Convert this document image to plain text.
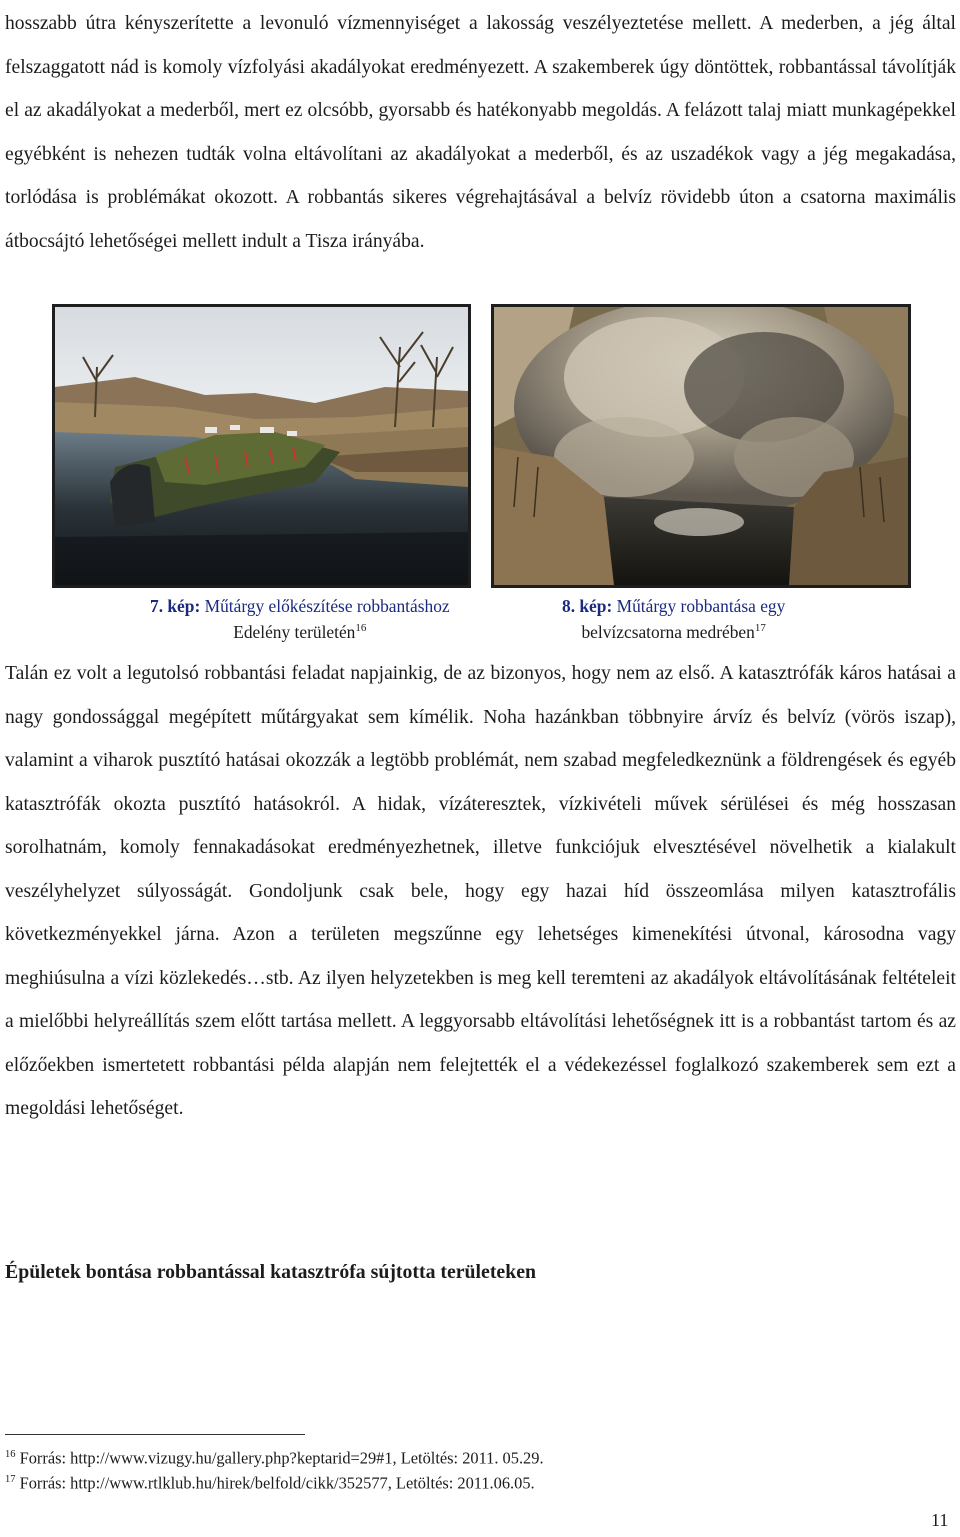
hosszabb útra kényszerítette a levonuló vízmennyiséget a lakosság veszélyeztetése mellett. A mederben, a jég által felszaggatott nád is komoly vízfolyási akadályokat eredményezett. A szakemberek úgy döntöttek, robbantással távolítják el az akadályokat a mederből, mert ez olcsóbb, gyorsabb és hatékonyabb megoldás. A felázott talaj miatt munkagépekkel egyébként is nehezen tudták volna eltávolítani az akadályokat a mederből, és az uszadékok vagy a jég megakadása, torlódása is problémákat okozott. A robbantás sikeres végrehajtásával a belvíz rövidebb úton a csatorna maximális átbocsájtó lehetőségei mellett indult a Tisza irányába.

7. kép: Műtárgy előkészítése robbantáshoz
Edelény területén$^{16}$
8. kép: Műtárgy robbantása egy
belvízcsatorna medrében$^{17}$

Talán ez volt a legutolsó robbantási feladat napjainkig, de az bizonyos, hogy nem az első. A katasztrófák káros hatásai a nagy gondossággal megépített műtárgyakat sem kímélik. Noha hazánkban többnyire árvíz és belvíz (vörös iszap), valamint a viharok pusztító hatásai okozzák a legtöbb problémát, nem szabad megfeledkeznünk a földrengések és egyéb katasztrófák okozta pusztító hatásokról. A hidak, vízáteresztek, vízkivételi művek sérülései és még hosszasan sorolhatnám, komoly fennakadásokat eredményezhetnek, illetve funkciójuk elvesztésével növelhetik a kialakult veszélyhelyzet súlyosságát. Gondoljunk csak bele, hogy egy hazai híd összeomlása milyen katasztrofális következményekkel járna. Azon a területen megszűnne egy lehetséges kimenekítési útvonal, károsodna vagy meghiúsulna a vízi közlekedés…stb. Az ilyen helyzetekben is meg kell teremteni az akadályok eltávolításának feltételeit a mielőbbi helyreállítás szem előtt tartása mellett. A leggyorsabb eltávolítási lehetőségnek itt is a robbantást tartom és az előzőekben ismertetett robbantási példa alapján nem felejtették el a védekezéssel foglalkozó szakemberek sem ezt a megoldási lehetőséget.

Épületek bontása robbantással katasztrófa sújtotta területeken

$^{16}$ Forrás: http://www.vizugy.hu/gallery.php?keptarid=29#1, Letöltés: 2011. 05.29.

$^{17}$ Forrás: http://www.rtlklub.hu/hirek/belfold/cikk/352577, Letöltés: 2011.06.05.

11
